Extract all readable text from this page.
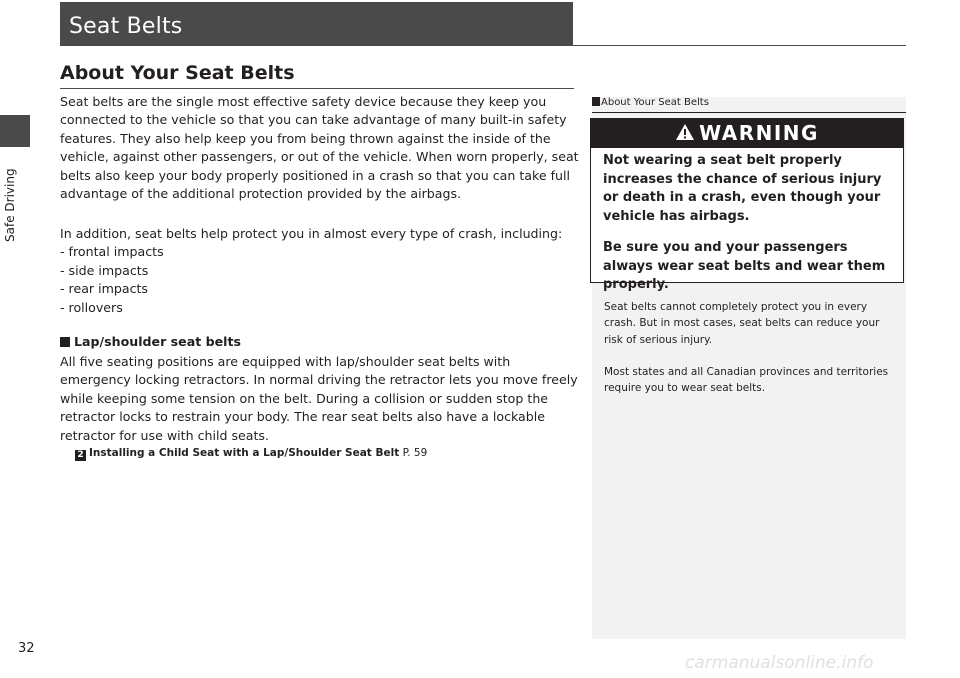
Safe Driving
Seat Belts
About Your Seat Belts
Seat belts are the single most effective safety device because they keep you connected to the vehicle so that you can take advantage of many built-in safety features. They also help keep you from being thrown against the inside of the vehicle, against other passengers, or out of the vehicle. When worn properly, seat belts also keep your body properly positioned in a crash so that you can take full advantage of the additional protection provided by the airbags.
In addition, seat belts help protect you in almost every type of crash, including:
- frontal impacts
- side impacts
- rear impacts
- rollovers
Lap/shoulder seat belts
All five seating positions are equipped with lap/shoulder seat belts with emergency locking retractors. In normal driving the retractor lets you move freely while keeping some tension on the belt. During a collision or sudden stop the retractor locks to restrain your body. The rear seat belts also have a lockable retractor for use with child seats.
2 Installing a Child Seat with a Lap/Shoulder Seat Belt P. 59
About Your Seat Belts
WARNING
Not wearing a seat belt properly increases the chance of serious injury or death in a crash, even though your vehicle has airbags.
Be sure you and your passengers always wear seat belts and wear them properly.
Seat belts cannot completely protect you in every crash. But in most cases, seat belts can reduce your risk of serious injury.
Most states and all Canadian provinces and territories require you to wear seat belts.
32
carmanualsonline.info
